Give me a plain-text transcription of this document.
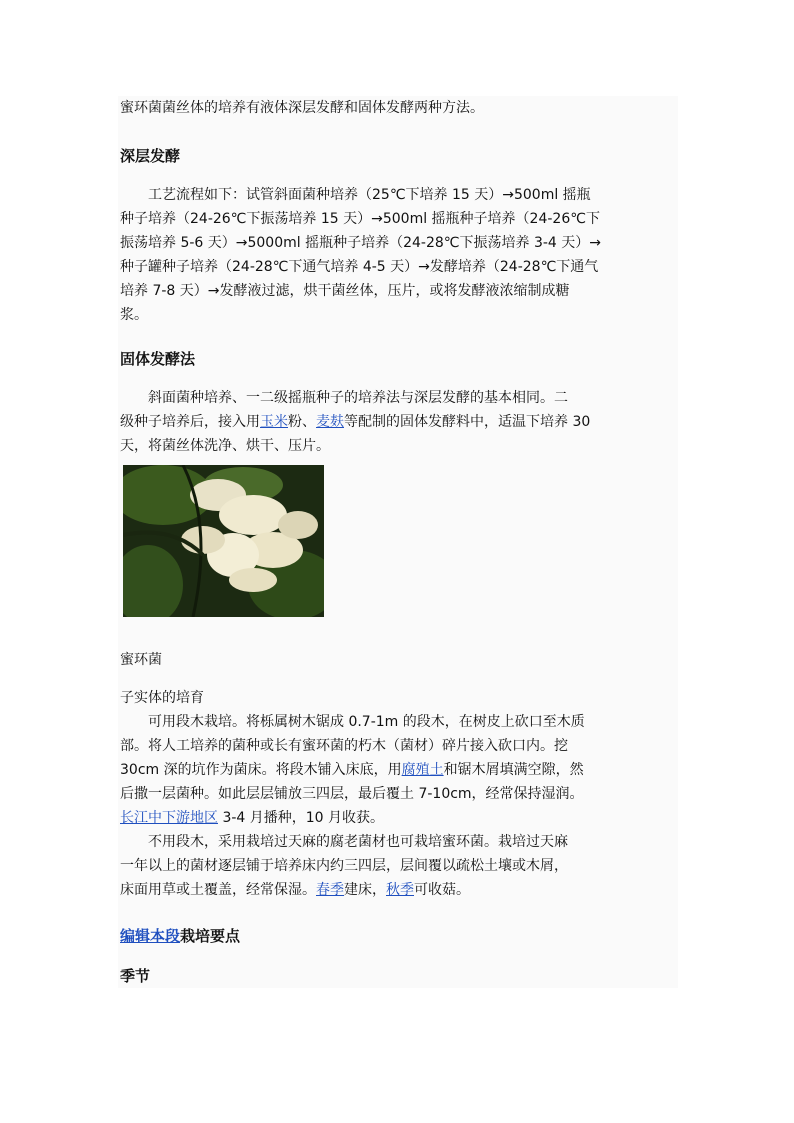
蜜环菌菌丝体的培养有液体深层发酵和固体发酵两种方法。

深层发酵

　　工艺流程如下：试管斜面菌种培养（25℃下培养 15 天）→500ml 摇瓶

种子培养（24-26℃下振荡培养 15 天）→500ml 摇瓶种子培养（24-26℃下

振荡培养 5-6 天）→5000ml 摇瓶种子培养（24-28℃下振荡培养 3-4 天）→

种子罐种子培养（24-28℃下通气培养 4-5 天）→发酵培养（24-28℃下通气

培养 7-8 天）→发酵液过滤，烘干菌丝体，压片，或将发酵液浓缩制成糖

浆。

固体发酵法

　　斜面菌种培养、一二级摇瓶种子的培养法与深层发酵的基本相同。二

级种子培养后，接入用玉米粉、麦麸等配制的固体发酵料中，适温下培养 30

天，将菌丝体洗净、烘干、压片。

蜜环菌

子实体的培育

　　可用段木栽培。将栎属树木锯成 0.7-1m 的段木，在树皮上砍口至木质

部。将人工培养的菌种或长有蜜环菌的朽木（菌材）碎片接入砍口内。挖

30cm 深的坑作为菌床。将段木铺入床底，用腐殖土和锯木屑填满空隙，然

后撒一层菌种。如此层层铺放三四层，最后覆土 7-10cm，经常保持湿润。

长江中下游地区 3-4 月播种，10 月收获。

　　不用段木，采用栽培过天麻的腐老菌材也可栽培蜜环菌。栽培过天麻

一年以上的菌材逐层铺于培养床内约三四层，层间覆以疏松土壤或木屑，

床面用草或土覆盖，经常保湿。春季建床，秋季可收菇。

编辑本段栽培要点

季节
